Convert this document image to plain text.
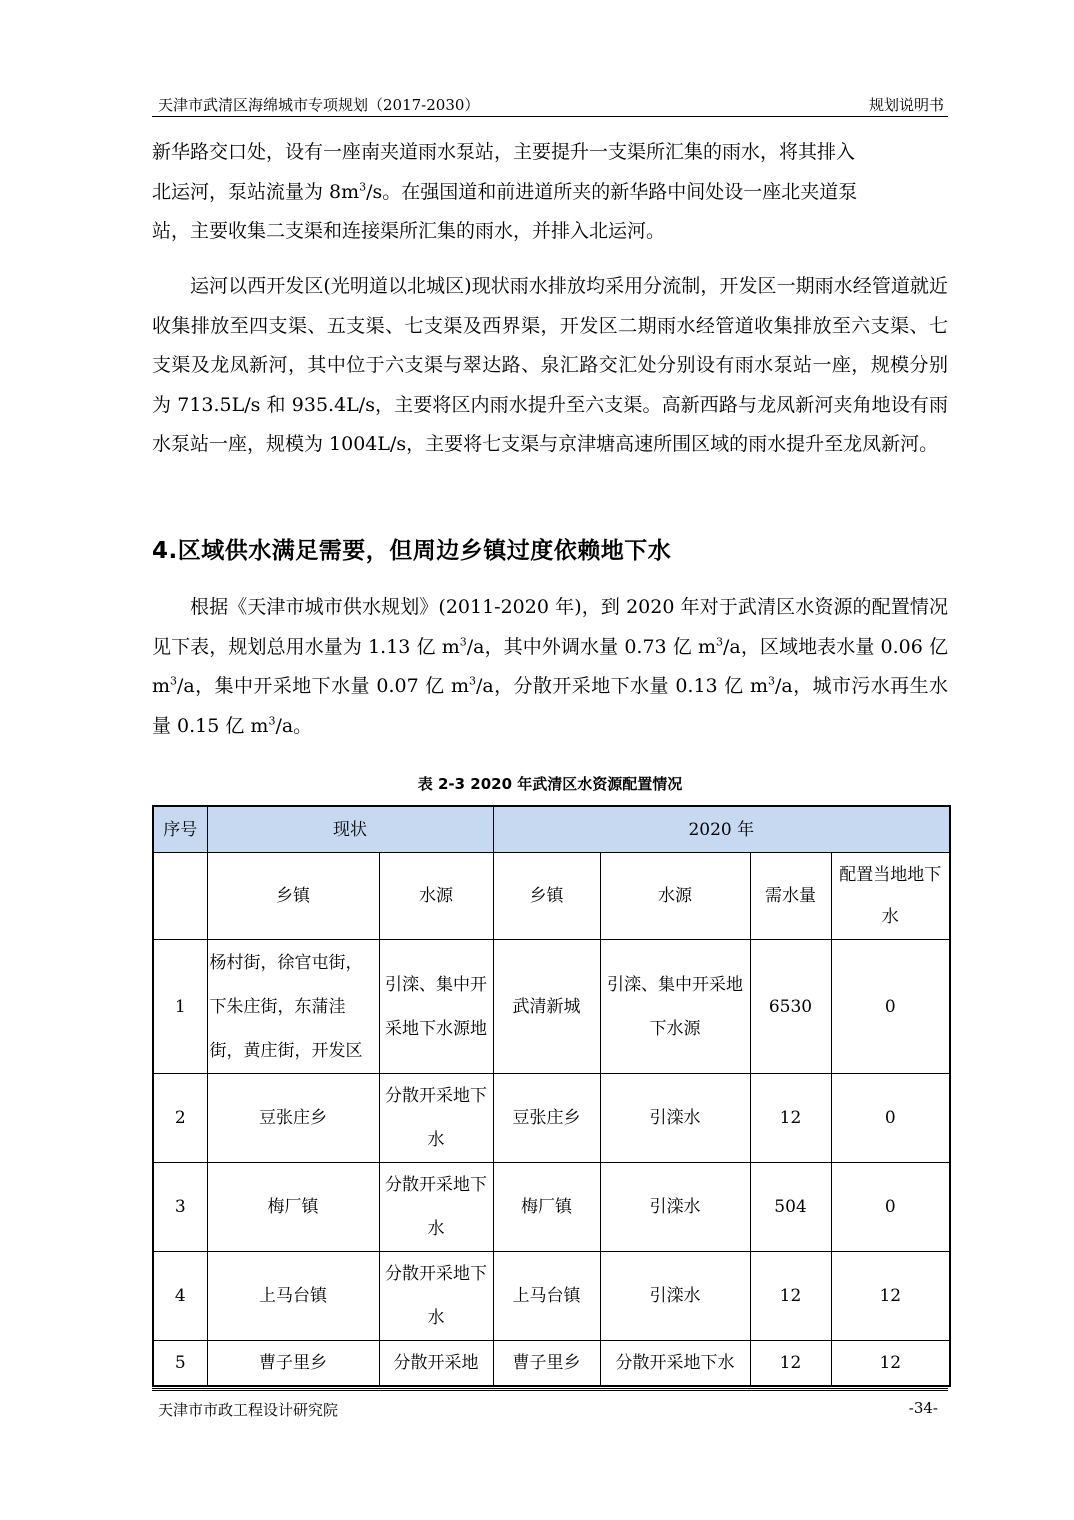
天津市武清区海绵城市专项规划（2017-2030）	规划说明书

新华路交口处，设有一座南夹道雨水泵站，主要提升一支渠所汇集的雨水，将其排入

北运河，泵站流量为 $8m^3/s$。在强国道和前进道所夹的新华路中间处设一座北夹道泵

站，主要收集二支渠和连接渠所汇集的雨水，并排入北运河。

运河以西开发区(光明道以北城区)现状雨水排放均采用分流制，开发区一期雨水经管道就近收集排放至四支渠、五支渠、七支渠及西界渠，开发区二期雨水经管道收集排放至六支渠、七支渠及龙凤新河，其中位于六支渠与翠达路、泉汇路交汇处分别设有雨水泵站一座，规模分别为 713.5L/s 和 935.4L/s，主要将区内雨水提升至六支渠。高新西路与龙凤新河夹角地设有雨水泵站一座，规模为 1004L/s，主要将七支渠与京津塘高速所围区域的雨水提升至龙凤新河。

4.区域供水满足需要，但周边乡镇过度依赖地下水

根据《天津市城市供水规划》(2011-2020 年)，到 2020 年对于武清区水资源的配置情况见下表，规划总用水量为 1.13 亿 $m^3/a$，其中外调水量 0.73 亿 $m^3/a$，区域地表水量 0.06 亿 $m^3/a$，集中开采地下水量 0.07 亿 $m^3/a$，分散开采地下水量 0.13 亿 $m^3/a$，城市污水再生水量 0.15 亿 $m^3/a$。

表 2-3 2020 年武清区水资源配置情况
序号	现状		2020 年			
	乡镇	水源	乡镇	水源	需水量	配置当地地下水
1	杨村街，徐官屯街，下朱庄街，东蒲洼街，黄庄街，开发区	引滦、集中开采地下水源地	武清新城	引滦、集中开采地下水源	6530	0
2	豆张庄乡	分散开采地下水	豆张庄乡	引滦水	12	0
3	梅厂镇	分散开采地下水	梅厂镇	引滦水	504	0
4	上马台镇	分散开采地下水	上马台镇	引滦水	12	12
5	曹子里乡	分散开采地	曹子里乡	分散开采地下水	12	12
天津市市政工程设计研究院	-34-
